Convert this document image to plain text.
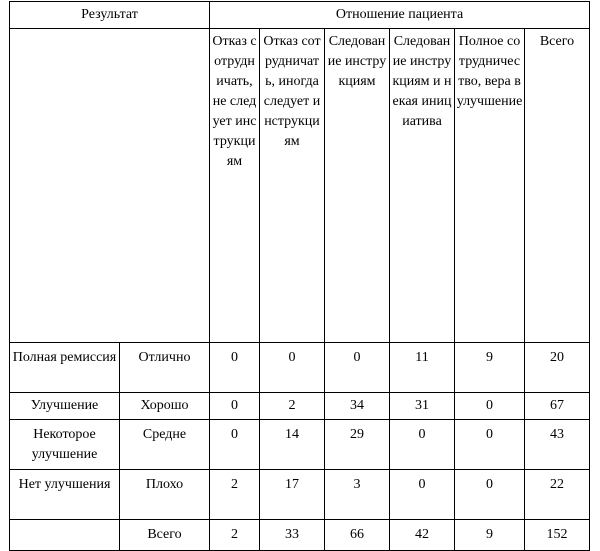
Результат		Отношение пациента					

		Отказ сотрудничать, не следует инструкциям	Отказ сотрудничать, иногда следует инструкциям	Следование инструкциям	Следование инструкциям и некая инициатива	Полное сотрудничество, вера в улучшение	Всего

Полная ремиссия	Отлично	0	0	0	11	9	20
Улучшение	Хорошо	0	2	34	31	0	67
Некоторое улучшение	Средне	0	14	29	0	0	43
Нет улучшения	Плохо	2	17	3	0	0	22
	Всего	2	33	66	42	9	152
